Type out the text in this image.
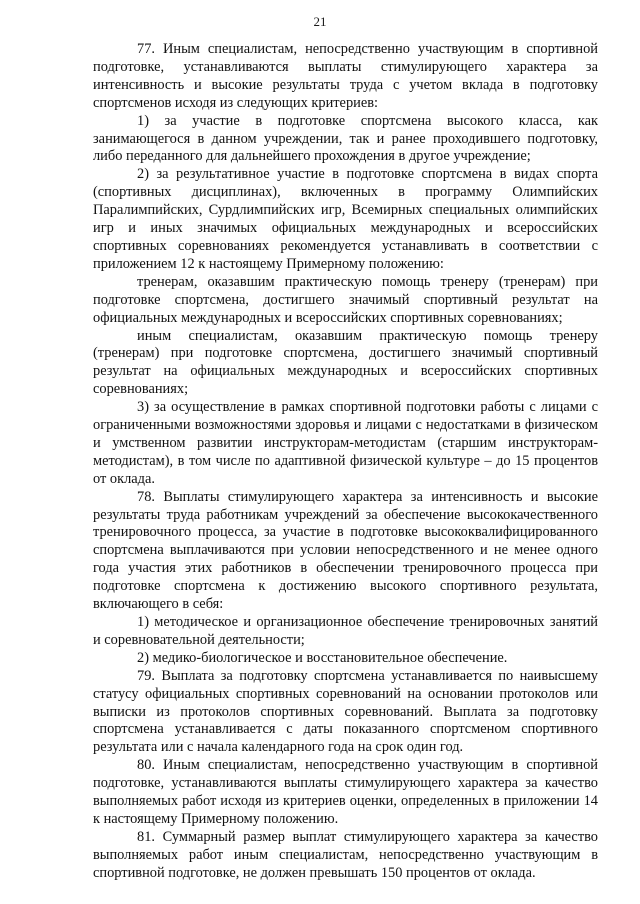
21

77. Иным специалистам, непосредственно участвующим в спортивной подготовке, устанавливаются выплаты стимулирующего характера за интенсивность и высокие результаты труда с учетом вклада в подготовку спортсменов исходя из следующих критериев:

1) за участие в подготовке спортсмена высокого класса, как занимающегося в данном учреждении, так и ранее проходившего подготовку, либо переданного для дальнейшего прохождения в другое учреждение;

2) за результативное участие в подготовке спортсмена в видах спорта (спортивных дисциплинах), включенных в программу Олимпийских Паралимпийских, Сурдлимпийских игр, Всемирных специальных олимпийских игр и иных значимых официальных международных и всероссийских спортивных соревнованиях рекомендуется устанавливать в соответствии с приложением 12 к настоящему Примерному положению:

тренерам, оказавшим практическую помощь тренеру (тренерам) при подготовке спортсмена, достигшего значимый спортивный результат на официальных международных и всероссийских спортивных соревнованиях;

иным специалистам, оказавшим практическую помощь тренеру (тренерам) при подготовке спортсмена, достигшего значимый спортивный результат на официальных международных и всероссийских спортивных соревнованиях;

3) за осуществление в рамках спортивной подготовки работы с лицами с ограниченными возможностями здоровья и лицами с недостатками в физическом и умственном развитии инструкторам-методистам (старшим инструкторам-методистам), в том числе по адаптивной физической культуре – до 15 процентов от оклада.

78. Выплаты стимулирующего характера за интенсивность и высокие результаты труда работникам учреждений за обеспечение высококачественного тренировочного процесса, за участие в подготовке высококвалифицированного спортсмена выплачиваются при условии непосредственного и не менее одного года участия этих работников в обеспечении тренировочного процесса при подготовке спортсмена к достижению высокого спортивного результата, включающего в себя:

1) методическое и организационное обеспечение тренировочных занятий и соревновательной деятельности;

2) медико-биологическое и восстановительное обеспечение.

79. Выплата за подготовку спортсмена устанавливается по наивысшему статусу официальных спортивных соревнований на основании протоколов или выписки из протоколов спортивных соревнований. Выплата за подготовку спортсмена устанавливается с даты показанного спортсменом спортивного результата или с начала календарного года на срок один год.

80. Иным специалистам, непосредственно участвующим в спортивной подготовке, устанавливаются выплаты стимулирующего характера за качество выполняемых работ исходя из критериев оценки, определенных в приложении 14 к настоящему Примерному положению.

81. Суммарный размер выплат стимулирующего характера за качество выполняемых работ иным специалистам, непосредственно участвующим в спортивной подготовке, не должен превышать 150 процентов от оклада.
